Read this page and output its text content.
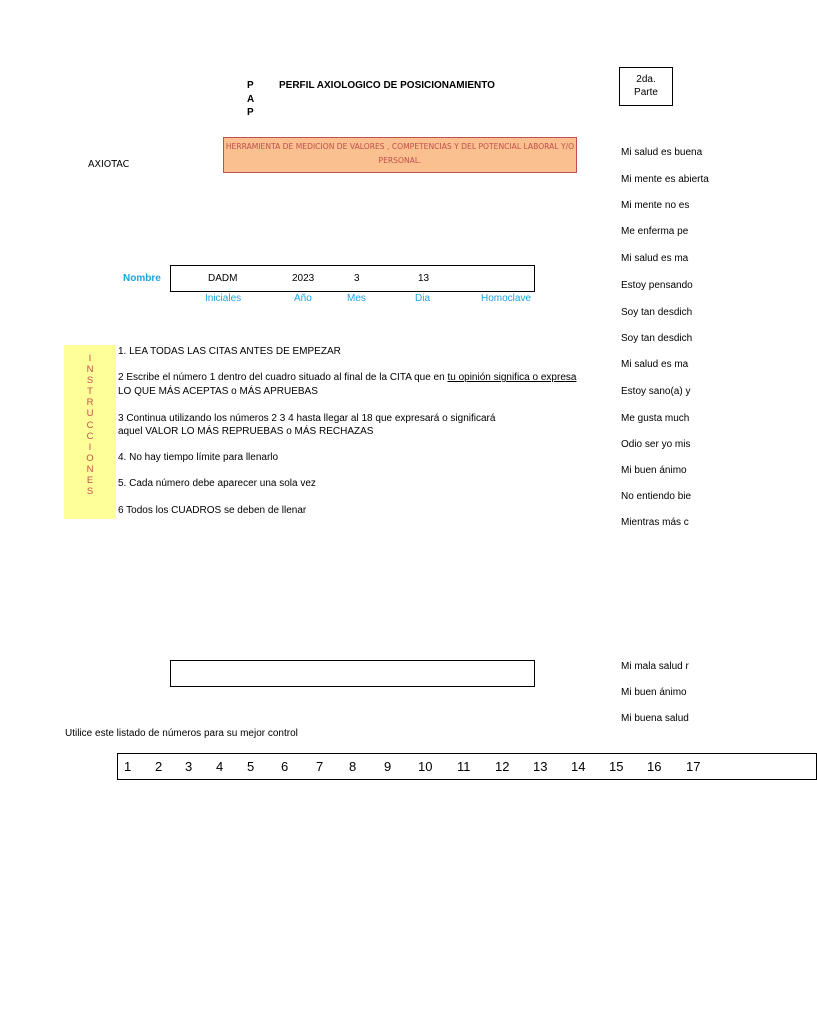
P
A
P
PERFIL AXIOLOGICO DE POSICIONAMIENTO
2da.
Parte
HERRAMIENTA DE MEDICION DE VALORES , COMPETENCIAS Y DEL POTENCIAL LABORAL Y/O PERSONAL.
AXIOTAC
Nombre	DADM	2023	3	13
Iniciales	Año	Mes	Dia	Homoclave
I
N
S
T
R
U
C
C
I
O
N
E
S
1. LEA TODAS LAS CITAS ANTES DE EMPEZAR
2 Escribe el número 1 dentro del cuadro situado al final de la CITA que en tu opinión significa o expresa
LO QUE MÁS ACEPTAS o MÁS APRUEBAS
3 Continua utilizando los números 2 3 4 hasta llegar al 18 que expresará o significará
aquel VALOR LO MÁS REPRUEBAS o MÁS RECHAZAS
4. No hay tiempo límite para llenarlo
5. Cada número debe aparecer una sola vez
6 Todos los CUADROS se deben de llenar
Mi salud es buena
Mi mente es abierta
Mi mente no es
Me enferma pe
Mi salud es ma
Estoy pensando
Soy tan desdich
Soy tan desdich
Mi salud es ma
Estoy sano(a) y
Me gusta much
Odio ser yo mis
Mi buen ánimo
No entiendo bie
Mientras más c
Mi mala salud r
Mi buen ánimo
Mi buena salud
Utilice este listado de números para su mejor control
1 2 3 4 5 6 7 8 9 10 11 12 13 14 15 16 17
